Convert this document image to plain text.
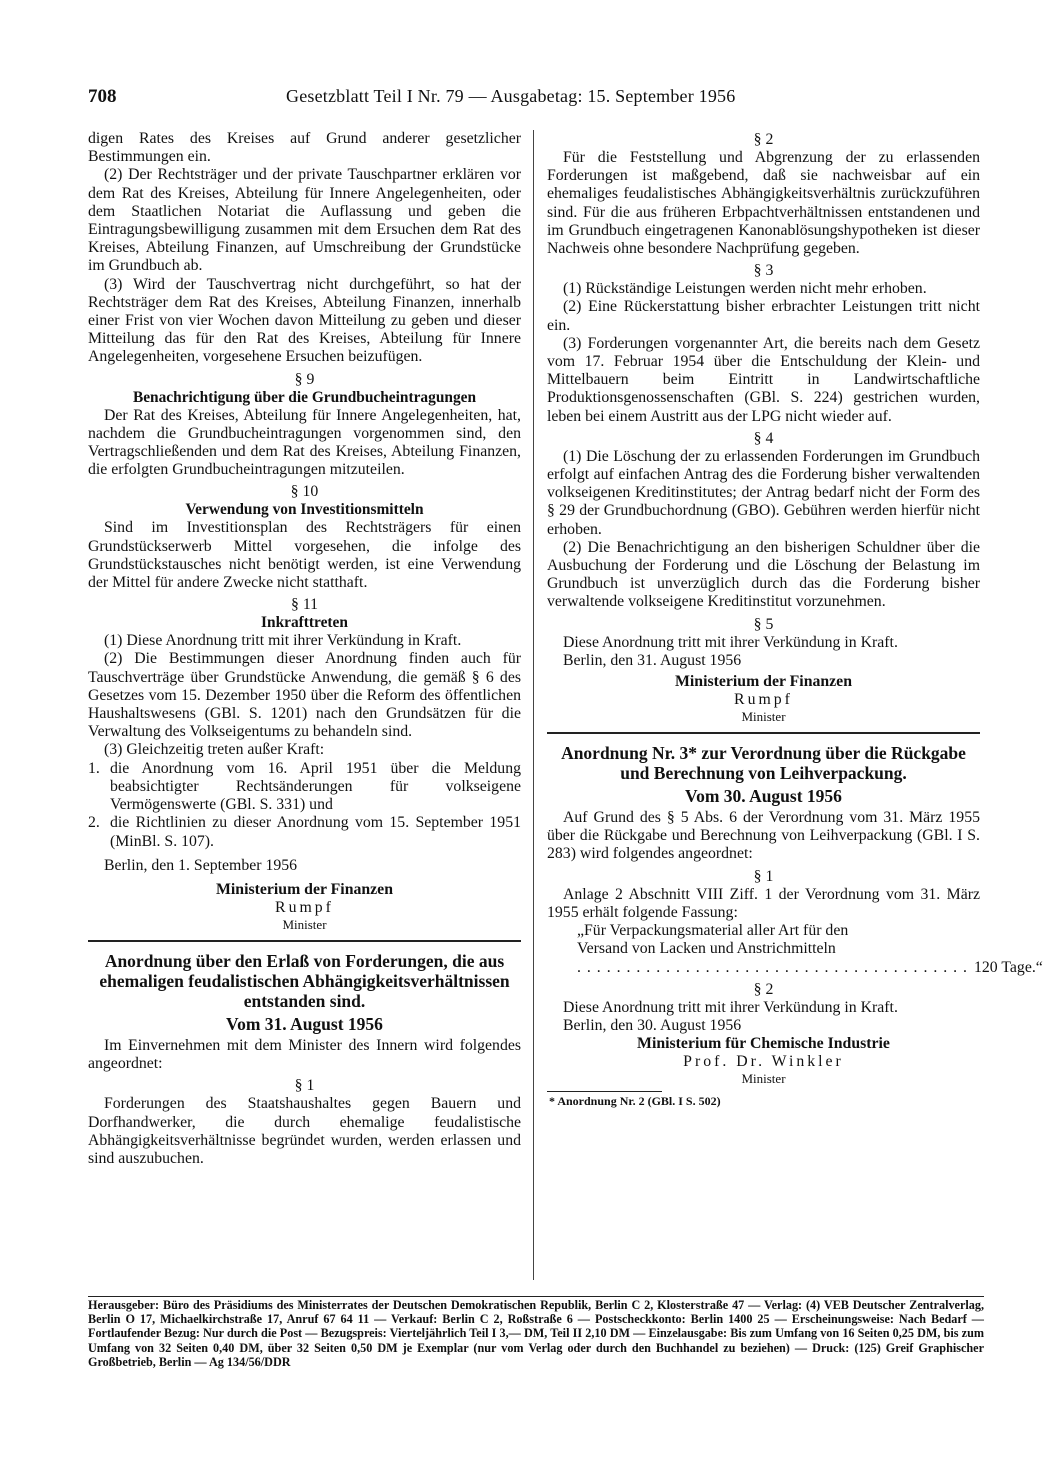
708	Gesetzblatt Teil I Nr. 79 — Ausgabetag: 15. September 1956

digen Rates des Kreises auf Grund anderer gesetzlicher Bestimmungen ein.

(2) Der Rechtsträger und der private Tauschpartner erklären vor dem Rat des Kreises, Abteilung für Innere Angelegenheiten, oder dem Staatlichen Notariat die Auflassung und geben die Eintragungsbewilligung zusammen mit dem Ersuchen dem Rat des Kreises, Abteilung Finanzen, auf Umschreibung der Grundstücke im Grundbuch ab.

(3) Wird der Tauschvertrag nicht durchgeführt, so hat der Rechtsträger dem Rat des Kreises, Abteilung Finanzen, innerhalb einer Frist von vier Wochen davon Mitteilung zu geben und dieser Mitteilung das für den Rat des Kreises, Abteilung für Innere Angelegenheiten, vorgesehene Ersuchen beizufügen.

§ 9

Benachrichtigung über die Grundbucheintragungen

Der Rat des Kreises, Abteilung für Innere Angelegenheiten, hat, nachdem die Grundbucheintragungen vorgenommen sind, den Vertragschließenden und dem Rat des Kreises, Abteilung Finanzen, die erfolgten Grundbucheintragungen mitzuteilen.

§ 10

Verwendung von Investitionsmitteln

Sind im Investitionsplan des Rechtsträgers für einen Grundstückserwerb Mittel vorgesehen, die infolge des Grundstückstausches nicht benötigt werden, ist eine Verwendung der Mittel für andere Zwecke nicht statthaft.

§ 11

Inkrafttreten

(1) Diese Anordnung tritt mit ihrer Verkündung in Kraft.

(2) Die Bestimmungen dieser Anordnung finden auch für Tauschverträge über Grundstücke Anwendung, die gemäß § 6 des Gesetzes vom 15. Dezember 1950 über die Reform des öffentlichen Haushaltswesens (GBl. S. 1201) nach den Grundsätzen für die Verwaltung des Volkseigentums zu behandeln sind.

(3) Gleichzeitig treten außer Kraft:

1. die Anordnung vom 16. April 1951 über die Meldung beabsichtigter Rechtsänderungen für volkseigene Vermögenswerte (GBl. S. 331) und
2. die Richtlinien zu dieser Anordnung vom 15. September 1951 (MinBl. S. 107).

Berlin, den 1. September 1956

Ministerium der Finanzen

Rumpf

Minister

Anordnung über den Erlaß von Forderungen, die aus ehemaligen feudalistischen Abhängigkeitsverhältnissen entstanden sind.

Vom 31. August 1956

Im Einvernehmen mit dem Minister des Innern wird folgendes angeordnet:

§ 1

Forderungen des Staatshaushaltes gegen Bauern und Dorfhandwerker, die durch ehemalige feudalistische Abhängigkeitsverhältnisse begründet wurden, werden erlassen und sind auszubuchen.

§ 2

Für die Feststellung und Abgrenzung der zu erlassenden Forderungen ist maßgebend, daß sie nachweisbar auf ein ehemaliges feudalistisches Abhängigkeitsverhältnis zurückzuführen sind. Für die aus früheren Erbpachtverhältnissen entstandenen und im Grundbuch eingetragenen Kanonablösungshypotheken ist dieser Nachweis ohne besondere Nachprüfung gegeben.

§ 3

(1) Rückständige Leistungen werden nicht mehr erhoben.

(2) Eine Rückerstattung bisher erbrachter Leistungen tritt nicht ein.

(3) Forderungen vorgenannter Art, die bereits nach dem Gesetz vom 17. Februar 1954 über die Entschuldung der Klein- und Mittelbauern beim Eintritt in Landwirtschaftliche Produktionsgenossenschaften (GBl. S. 224) gestrichen wurden, leben bei einem Austritt aus der LPG nicht wieder auf.

§ 4

(1) Die Löschung der zu erlassenden Forderungen im Grundbuch erfolgt auf einfachen Antrag des die Forderung bisher verwaltenden volkseigenen Kreditinstitutes; der Antrag bedarf nicht der Form des § 29 der Grundbuchordnung (GBO). Gebühren werden hierfür nicht erhoben.

(2) Die Benachrichtigung an den bisherigen Schuldner über die Ausbuchung der Forderung und die Löschung der Belastung im Grundbuch ist unverzüglich durch das die Forderung bisher verwaltende volkseigene Kreditinstitut vorzunehmen.

§ 5

Diese Anordnung tritt mit ihrer Verkündung in Kraft.

Berlin, den 31. August 1956

Ministerium der Finanzen

Rumpf

Minister

Anordnung Nr. 3* zur Verordnung über die Rückgabe und Berechnung von Leihverpackung.

Vom 30. August 1956

Auf Grund des § 5 Abs. 6 der Verordnung vom 31. März 1955 über die Rückgabe und Berechnung von Leihverpackung (GBl. I S. 283) wird folgendes angeordnet:

§ 1

Anlage 2 Abschnitt VIII Ziff. 1 der Verordnung vom 31. März 1955 erhält folgende Fassung:

„Für Verpackungsmaterial aller Art für den Versand von Lacken und Anstrichmitteln
. . . . . . . . . . . . . . . . . . . . . . . . . . . . . . . . . . . . . . . . 120 Tage.“

§ 2

Diese Anordnung tritt mit ihrer Verkündung in Kraft.

Berlin, den 30. August 1956

Ministerium für Chemische Industrie

Prof. Dr. Winkler

Minister

* Anordnung Nr. 2 (GBl. I S. 502)
Herausgeber: Büro des Präsidiums des Ministerrates der Deutschen Demokratischen Republik, Berlin C 2, Klosterstraße 47 — Verlag: (4) VEB Deutscher Zentralverlag, Berlin O 17, Michaelkirchstraße 17, Anruf 67 64 11 — Verkauf: Berlin C 2, Roßstraße 6 — Postscheckkonto: Berlin 1400 25 — Erscheinungsweise: Nach Bedarf — Fortlaufender Bezug: Nur durch die Post — Bezugspreis: Vierteljährlich Teil I 3,— DM, Teil II 2,10 DM — Einzelausgabe: Bis zum Umfang von 16 Seiten 0,25 DM, bis zum Umfang von 32 Seiten 0,40 DM, über 32 Seiten 0,50 DM je Exemplar (nur vom Verlag oder durch den Buchhandel zu beziehen) — Druck: (125) Greif Graphischer Großbetrieb, Berlin — Ag 134/56/DDR
